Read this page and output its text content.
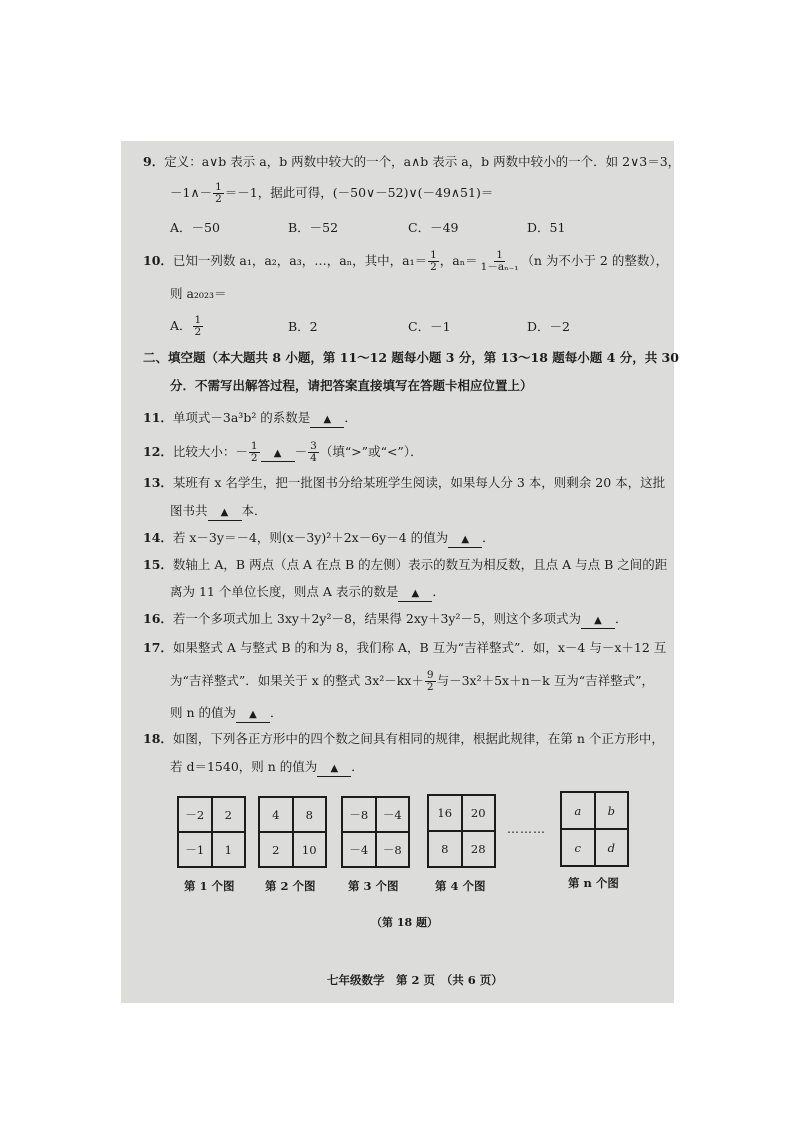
9．定义：a∨b 表示 a，b 两数中较大的一个，a∧b 表示 a，b 两数中较小的一个．如 2∨3＝3，
－1∧－ $\frac{1}{2} =-1$，据此可得，(－50∨－52)∨(－49∧51)＝
A．－50	B．－52	C．－49	D．51
10．已知一列数 a₁，a₂，a₃，…，aₙ，其中，$a_1= \frac{1}{2}$ ，$a_n= \frac{1}{\text{1－aₙ₋₁}} (n$ 为不小于 2 的整数），
则 a₂₀₂₃＝
A． $\frac{1}{2}$	B．2	C．－1	D．－2
二、填空题（本大题共 8 小题，第 11～12 题每小题 3 分，第 13～18 题每小题 4 分，共 30
分．不需写出解答过程，请把答案直接填写在答题卡相应位置上）
11．单项式－3a³b² 的系数是 ▲ ．
12．比较大小：－ $\frac{1}{2}$ ▲ － $\frac{3}{4}$ （填“>”或“<”）．
13．某班有 x 名学生，把一批图书分给某班学生阅读，如果每人分 3 本，则剩余 20 本，这批
图书共 ▲ 本．
14．若 x－3y＝－4，则(x－3y)²＋2x－6y－4 的值为 ▲ ．
15．数轴上 A，B 两点（点 A 在点 B 的左侧）表示的数互为相反数，且点 A 与点 B 之间的距
离为 11 个单位长度，则点 A 表示的数是 ▲ ．
16．若一个多项式加上 3xy＋2y²－8，结果得 2xy＋3y²－5，则这个多项式为 ▲ ．
17．如果整式 A 与整式 B 的和为 8，我们称 A，B 互为“吉祥整式”．如，x－4 与－x＋12 互
为“吉祥整式”．如果关于 x 的整式 $3x^2-kx+ \frac{9}{2}$ 与－3x²＋5x＋n－k 互为“吉祥整式”，
则 n 的值为 ▲ ．
18．如图，下列各正方形中的四个数之间具有相同的规律，根据此规律，在第 n 个正方形中，
若 d＝1540，则 n 的值为 ▲ ．
－2	2
－1	1
第 1 个图
4	8
2	10
第 2 个图
－8	－4
－4	－8
第 3 个图
16	20
8	28
第 4 个图
………
a	b
c	d
第 n 个图
（第 18 题）
七年级数学　第 2 页　（共 6 页）
